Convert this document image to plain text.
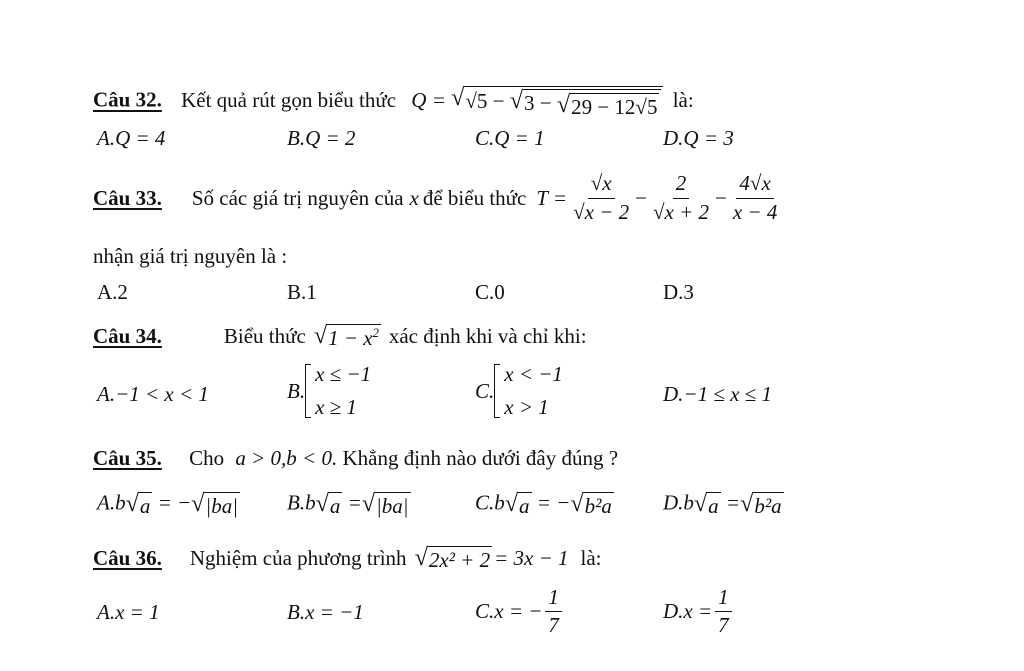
Câu 32. Kết quả rút gọn biểu thức Q = √ √5 − √ 3 − √ 29 − 12√5 là:
A.Q = 4	B.Q = 2	C.Q = 1	D.Q = 3
Câu 33. Số các giá trị nguyên của x để biểu thức $T = \frac{√x}{√x - 2} - \frac{2}{√x + 2} - \frac{4√x}{x - 4}$
nhận giá trị nguyên là :
A.2	B.1	C.0	D.3
Câu 34.	Biểu thức √ $1 - x^2$ xác định khi và chỉ khi:
A.−1 < x < 1	B.
x ≤ −1
x ≥ 1
C.
x < −1
x > 1
D.−1 ≤ x ≤ 1
Câu 35. Cho a > 0,b < 0. Khẳng định nào dưới đây đúng ?
A.b √ a = − √ |ba| B.b √ a = √ |ba|	C.b √ a = − √ b²a D.b √ a = √ b²a
Câu 36. Nghiệm của phương trình √ 2x² + 2 = 3x − 1 là:
A.x = 1	B.x = −1	C.x = − $\frac{1}{7}$	$D.x = \frac{1}{7}$
